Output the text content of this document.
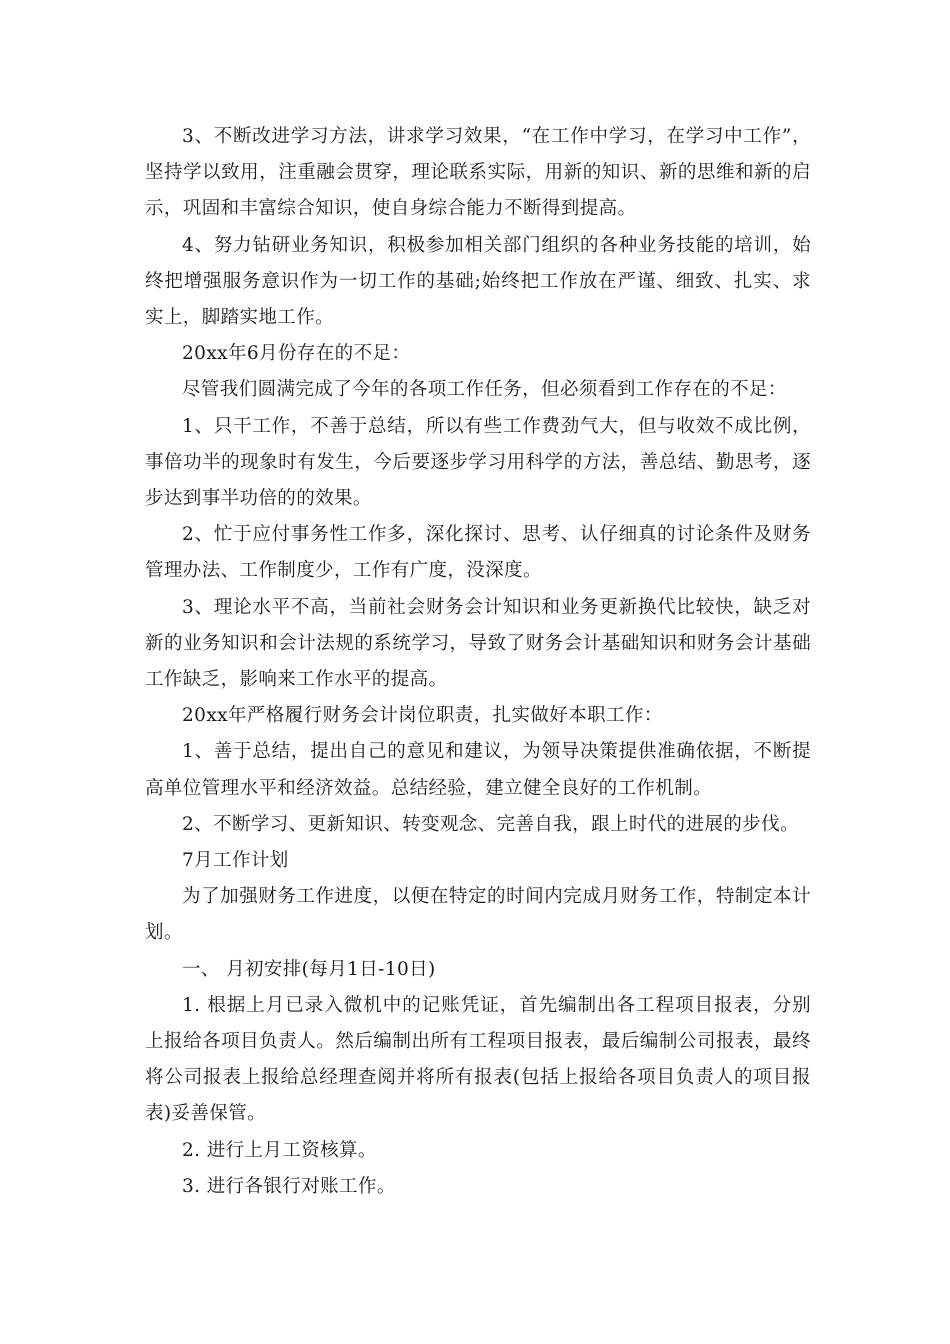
3、不断改进学习方法，讲求学习效果，“在工作中学习，在学习中工作”，坚持学以致用，注重融会贯穿，理论联系实际，用新的知识、新的思维和新的启示，巩固和丰富综合知识，使自身综合能力不断得到提高。

4、努力钻研业务知识，积极参加相关部门组织的各种业务技能的培训，始终把增强服务意识作为一切工作的基础;始终把工作放在严谨、细致、扎实、求实上，脚踏实地工作。

20xx年6月份存在的不足：

尽管我们圆满完成了今年的各项工作任务，但必须看到工作存在的不足：

1、只干工作，不善于总结，所以有些工作费劲气大，但与收效不成比例，事倍功半的现象时有发生，今后要逐步学习用科学的方法，善总结、勤思考，逐步达到事半功倍的的效果。

2、忙于应付事务性工作多，深化探讨、思考、认仔细真的讨论条件及财务管理办法、工作制度少，工作有广度，没深度。

3、理论水平不高，当前社会财务会计知识和业务更新换代比较快，缺乏对新的业务知识和会计法规的系统学习，导致了财务会计基础知识和财务会计基础工作缺乏，影响来工作水平的提高。

20xx年严格履行财务会计岗位职责，扎实做好本职工作：

1、善于总结，提出自己的意见和建议，为领导决策提供准确依据，不断提高单位管理水平和经济效益。总结经验，建立健全良好的工作机制。

2、不断学习、更新知识、转变观念、完善自我，跟上时代的进展的步伐。

7月工作计划

为了加强财务工作进度，以便在特定的时间内完成月财务工作，特制定本计划。

一、 月初安排(每月1日-10日)

1. 根据上月已录入微机中的记账凭证，首先编制出各工程项目报表，分别上报给各项目负责人。然后编制出所有工程项目报表，最后编制公司报表，最终将公司报表上报给总经理查阅并将所有报表(包括上报给各项目负责人的项目报表)妥善保管。

2. 进行上月工资核算。

3. 进行各银行对账工作。
